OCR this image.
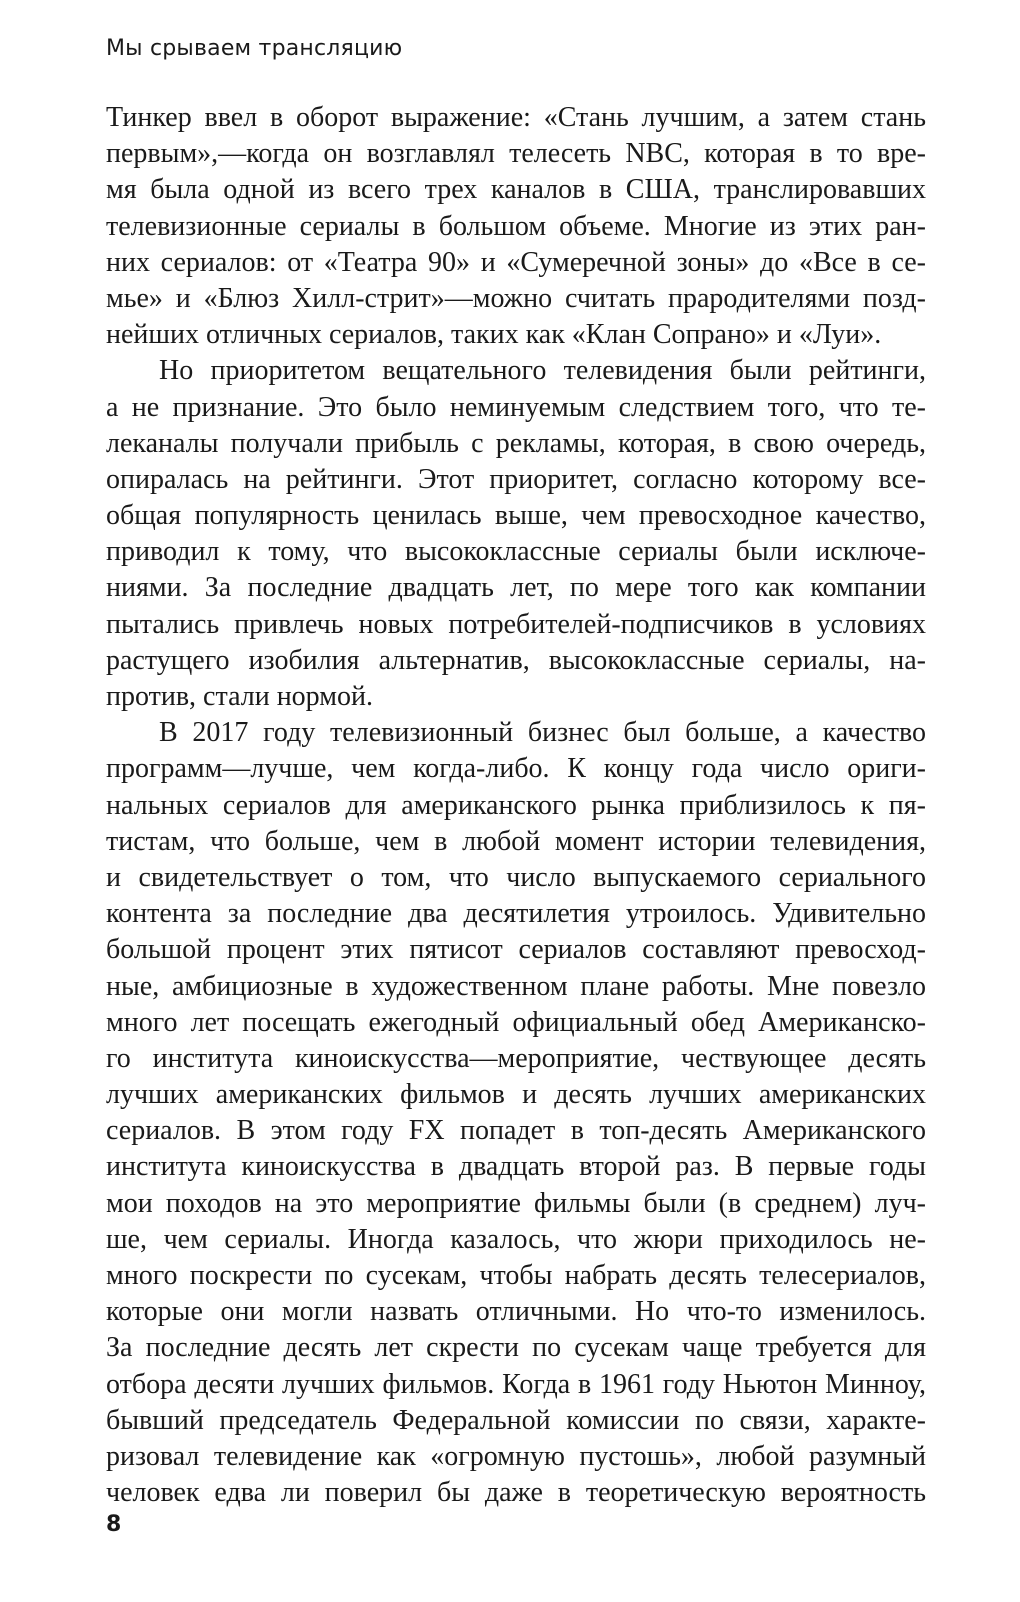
Мы срываем трансляцию
Тинкер ввел в оборот выражение: «Стань лучшим, а затем стань
первым»,—когда он возглавлял телесеть NBC, которая в то вре-
мя была одной из всего трех каналов в США, транслировавших
телевизионные сериалы в большом объеме. Многие из этих ран-
них сериалов: от «Театра 90» и «Сумеречной зоны» до «Все в се-
мье» и «Блюз Хилл-стрит»—можно считать прародителями позд-
нейших отличных сериалов, таких как «Клан Сопрано» и «Луи».
Но приоритетом вещательного телевидения были рейтинги,
а не признание. Это было неминуемым следствием того, что те-
леканалы получали прибыль с рекламы, которая, в свою очередь,
опиралась на рейтинги. Этот приоритет, согласно которому все-
общая популярность ценилась выше, чем превосходное качество,
приводил к тому, что высококлассные сериалы были исключе-
ниями. За последние двадцать лет, по мере того как компании
пытались привлечь новых потребителей-подписчиков в условиях
растущего изобилия альтернатив, высококлассные сериалы, на-
против, стали нормой.
В 2017 году телевизионный бизнес был больше, а качество
программ—лучше, чем когда-либо. К концу года число ориги-
нальных сериалов для американского рынка приблизилось к пя-
тистам, что больше, чем в любой момент истории телевидения,
и свидетельствует о том, что число выпускаемого сериального
контента за последние два десятилетия утроилось. Удивительно
большой процент этих пятисот сериалов составляют превосход-
ные, амбициозные в художественном плане работы. Мне повезло
много лет посещать ежегодный официальный обед Американско-
го института киноискусства—мероприятие, чествующее десять
лучших американских фильмов и десять лучших американских
сериалов. В этом году FX попадет в топ-десять Американского
института киноискусства в двадцать второй раз. В первые годы
мои походов на это мероприятие фильмы были (в среднем) луч-
ше, чем сериалы. Иногда казалось, что жюри приходилось не-
много поскрести по сусекам, чтобы набрать десять телесериалов,
которые они могли назвать отличными. Но что-то изменилось.
За последние десять лет скрести по сусекам чаще требуется для
отбора десяти лучших фильмов. Когда в 1961 году Ньютон Минноу,
бывший председатель Федеральной комиссии по связи, характе-
ризовал телевидение как «огромную пустошь», любой разумный
человек едва ли поверил бы даже в теоретическую вероятность
8
